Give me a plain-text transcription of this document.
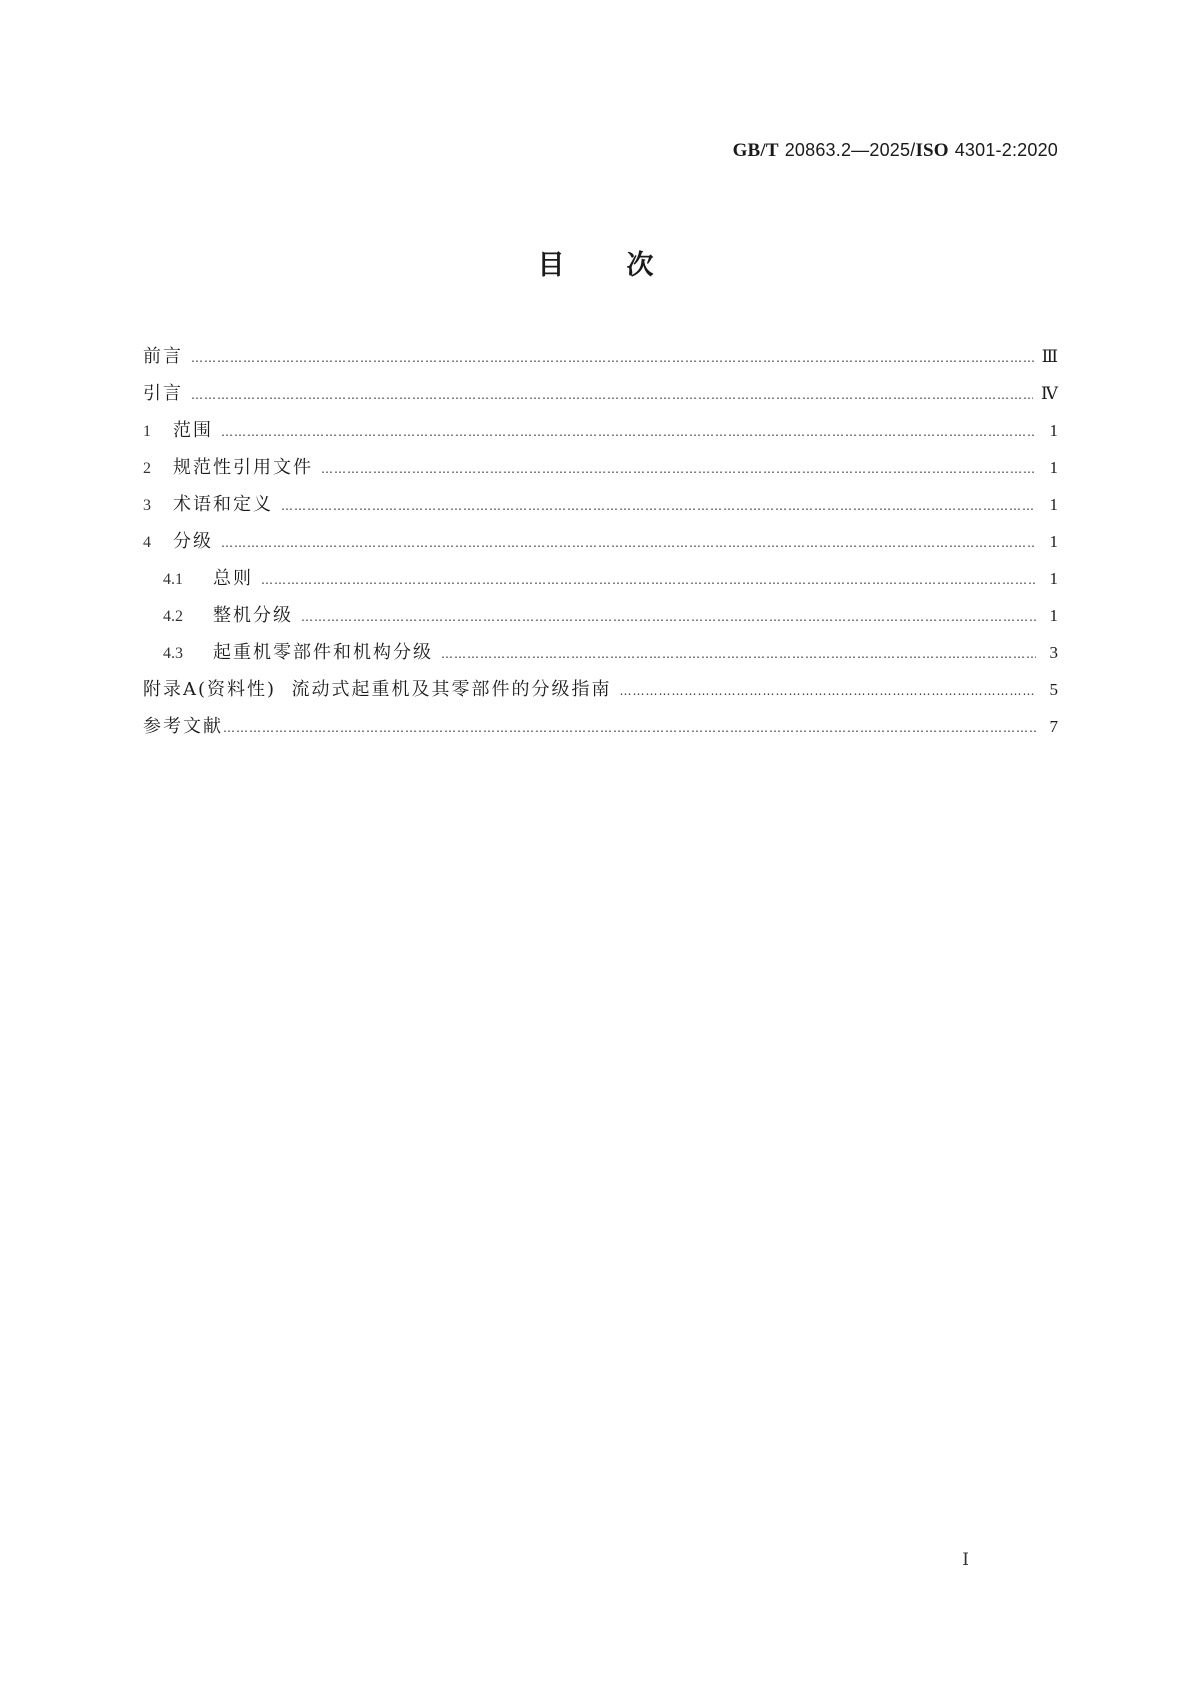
GB/T 20863.2—2025/ISO 4301-2:2020
目次
前言 …………………………………………………………………………………………………………………………………………………………………………………………………………………………………………………………	Ⅲ
引言 …………………………………………………………………………………………………………………………………………………………………………………………………………………………………………………………	Ⅳ
1	范围 …………………………………………………………………………………………………………………………………………………………………………………………………………………………………………………………	1
2	规范性引用文件 …………………………………………………………………………………………………………………………………………………………………………………………………………………………………………………………	1
3	术语和定义 …………………………………………………………………………………………………………………………………………………………………………………………………………………………………………………………	1
4	分级 …………………………………………………………………………………………………………………………………………………………………………………………………………………………………………………………	1
4.1	总则 …………………………………………………………………………………………………………………………………………………………………………………………………………………………………………………………	1
4.2	整机分级 …………………………………………………………………………………………………………………………………………………………………………………………………………………………………………………………	1
4.3	起重机零部件和机构分级 …………………………………………………………………………………………………………………………………………………………………………………………………………………………………………………………	3
附录A(资料性)  流动式起重机及其零部件的分级指南 …………………………………………………………………………………………………………………………………………………………………………………………………………………………………………………………	5
参考文献 …………………………………………………………………………………………………………………………………………………………………………………………………………………………………………………………	7
Ⅰ
